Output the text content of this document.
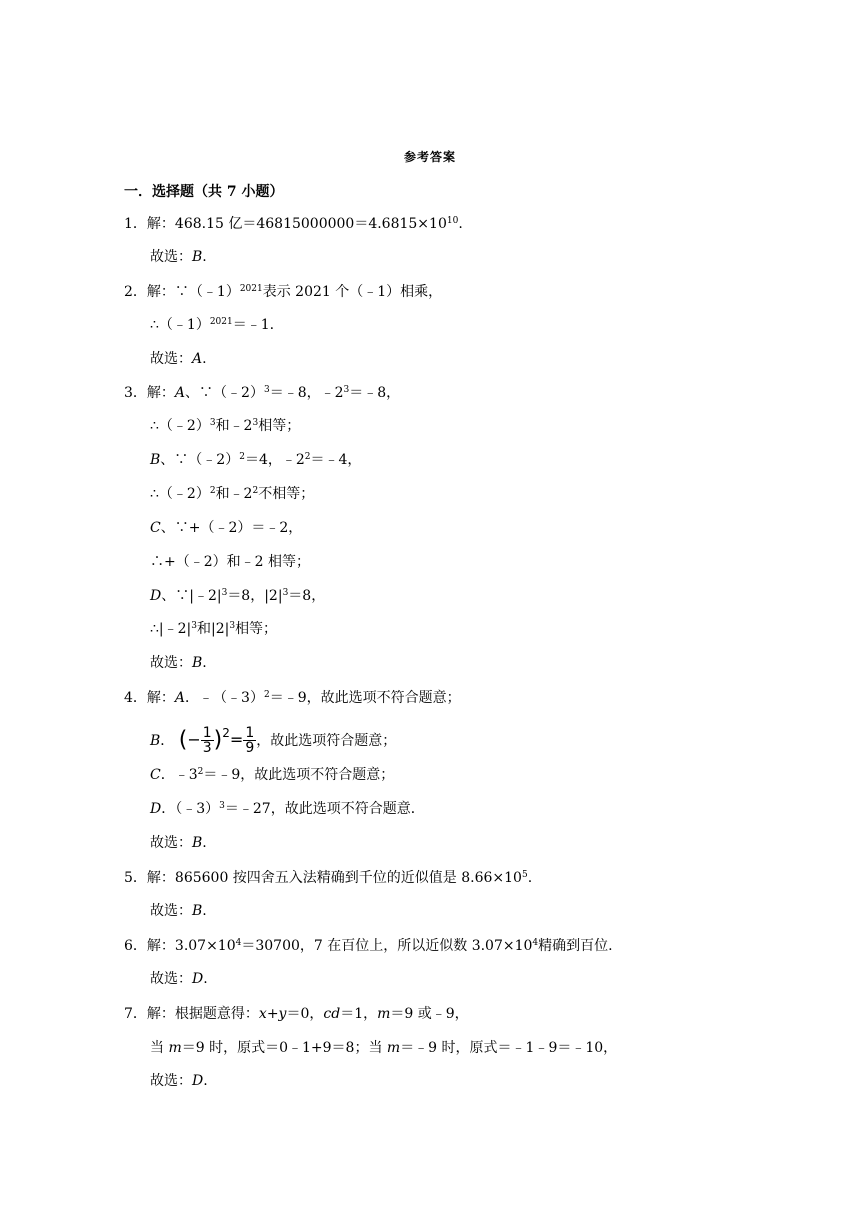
参考答案
一．选择题（共 7 小题）
1．解：468.15 亿$=46815000000=4.6815\times 10^{10}$.
故选：B.
2．解：∵（﹣1）$^{2021}$表示 2021 个（﹣1）相乘，
∴（﹣1）$^{2021}$＝﹣1.
故选：A.
3．解：A、∵（﹣2）$^3$＝﹣8，$﹣2^3=﹣8$，
∴（﹣2）$^3$和$﹣2^3$相等；
B、∵（﹣2）$^2$＝4，$﹣2^2=﹣4$，
∴（﹣2）$^2$和$﹣2^2$不相等；
C、∵+（﹣2）＝﹣2，
∴+（﹣2）和﹣2 相等；
D、$\because|﹣2|^3=8$，$|2|^3=8$，
$\therefore|﹣2|^3$和$|2|^3$相等；
故选：B.
4．解：A．﹣（﹣3）$^2$＝﹣9，故此选项不符合题意；
B． (− $\frac{1}{3} )^2= \frac{1}{9}$ ，故此选项符合题意；
C．$﹣3^2=﹣9$，故此选项不符合题意；
D．（﹣3）$^3$＝﹣27，故此选项不符合题意．
故选：B.
5．解：865600 按四舍五入法精确到千位的近似值是 $8.66\times 10^5$.
故选：B.
6．解：$3.07\times 10^4=30700$，7 在百位上，所以近似数 $3.07\times 10^4$精确到百位.
故选：D.
7．解：根据题意得：x+y＝0，cd＝1，m＝9 或﹣9，
当 m＝9 时，原式＝0﹣1+9＝8；当 m＝﹣9 时，原式＝﹣1﹣9＝﹣10，
故选：D.
